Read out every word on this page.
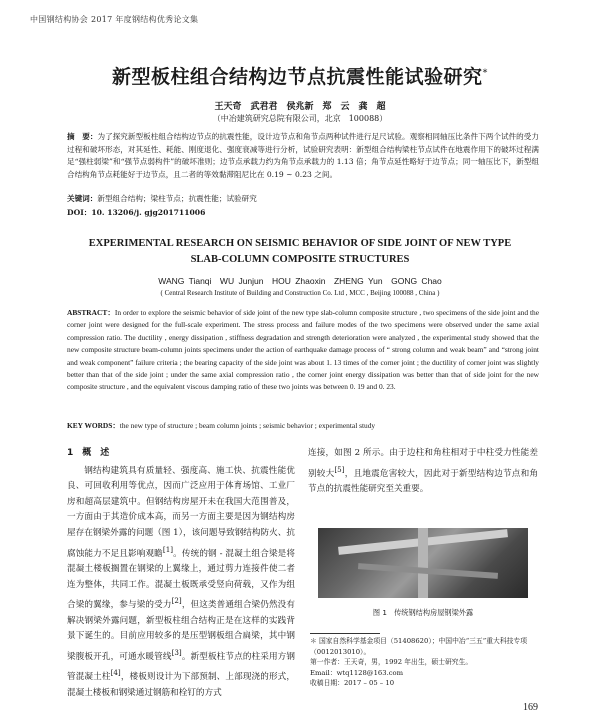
中国钢结构协会 2017 年度钢结构优秀论文集
新型板柱组合结构边节点抗震性能试验研究*
王天奇　武君君　侯兆新　郑　云　龚　超
（中冶建筑研究总院有限公司，北京　100088）
摘　要：为了探究新型板柱组合结构边节点的抗震性能，设计边节点和角节点两种试件进行足尺试验。观察相同轴压比条件下两个试件的受力过程和破坏形态，对其延性、耗能、刚度退化、强度衰减等进行分析，试验研究表明：新型组合结构梁柱节点试件在地震作用下的破坏过程满足“强柱弱梁”和“强节点弱构件”的破坏准则；边节点承载力约为角节点承载力的 1.13 倍；角节点延性略好于边节点；同一轴压比下，新型组合结构角节点耗能好于边节点，且二者的等效黏滞阻尼比在 0.19 ~ 0.23 之间。
关键词：新型组合结构；梁柱节点；抗震性能；试验研究
DOI：10. 13206/j. gjg201711006
EXPERIMENTAL RESEARCH ON SEISMIC BEHAVIOR OF SIDE JOINT OF NEW TYPE
SLAB-COLUMN COMPOSITE STRUCTURES
WANG Tianqi　WU Junjun　HOU Zhaoxin　ZHENG Yun　GONG Chao
( Central Research Institute of Building and Construction Co. Ltd , MCC , Beijing 100088 , China )
ABSTRACT：In order to explore the seismic behavior of side joint of the new type slab-column composite structure , two specimens of the side joint and the corner joint were designed for the full-scale experiment. The stress process and failure modes of the two specimens were observed under the same axial compression ratio. The ductility , energy dissipation , stiffness degradation and strength deterioration were analyzed , the experimental study showed that the new composite structure beam-column joints specimens under the action of earthquake damage process of “ strong column and weak beam” and “strong joint and weak component” failure criteria ; the bearing capacity of the side joint was about 1. 13 times of the corner joint ; the ductility of corner joint was slightly better than that of the side joint ; under the same axial compression ratio , the corner joint energy dissipation was better than that of side joint for the new composite structure , and the equivalent viscous damping ratio of these two joints was between 0. 19 and 0. 23.
KEY WORDS：the new type of structure ; beam column joints ; seismic behavior ; experimental study
1　概　述

钢结构建筑具有质量轻、强度高、施工快、抗震性能优良、可回收利用等优点，因而广泛应用于体育场馆、工业厂房和超高层建筑中。但钢结构房屋开未在我国大范围普及，一方面由于其造价成本高，而另一方面主要是因为钢结构房屋存在钢梁外露的问题（图 1），该问题导致钢结构防火、抗腐蚀能力不足且影响观瞻[1]。传统的钢 - 混凝土组合梁是将混凝土楼板搁置在钢梁的上翼缘上，通过剪力连接件使二者连为整体，共同工作。混凝土板既承受竖向荷载，又作为组合梁的翼缘，参与梁的受力[2]，但这类普通组合梁仍然没有解决钢梁外露问题，新型板柱组合结构正是在这样的实践背景下诞生的。目前应用较多的是压型钢板组合扁梁，其中钢梁腹板开孔，可通水暖管线[3]。新型板柱节点的柱采用方钢管混凝土柱[4]，楼板则设计为下部预制、上部现浇的形式，混凝土楼板和钢梁通过钢筋和栓钉的方式

连接，如图 2 所示。由于边柱和角柱相对于中柱受力性能差别较大[5]，且地震危害较大，因此对于新型结构边节点和角节点的抗震性能研究至关重要。
图 1　传统钢结构房屋钢梁外露

＊ 国家自然科学基金项目（51408620）；中国中冶“三五”重大科技专项（0012013010）。

第一作者：王天奇，男，1992 年出生，硕士研究生。

Email：wtq1128@163.com

收稿日期：2017 – 05 – 10

169
